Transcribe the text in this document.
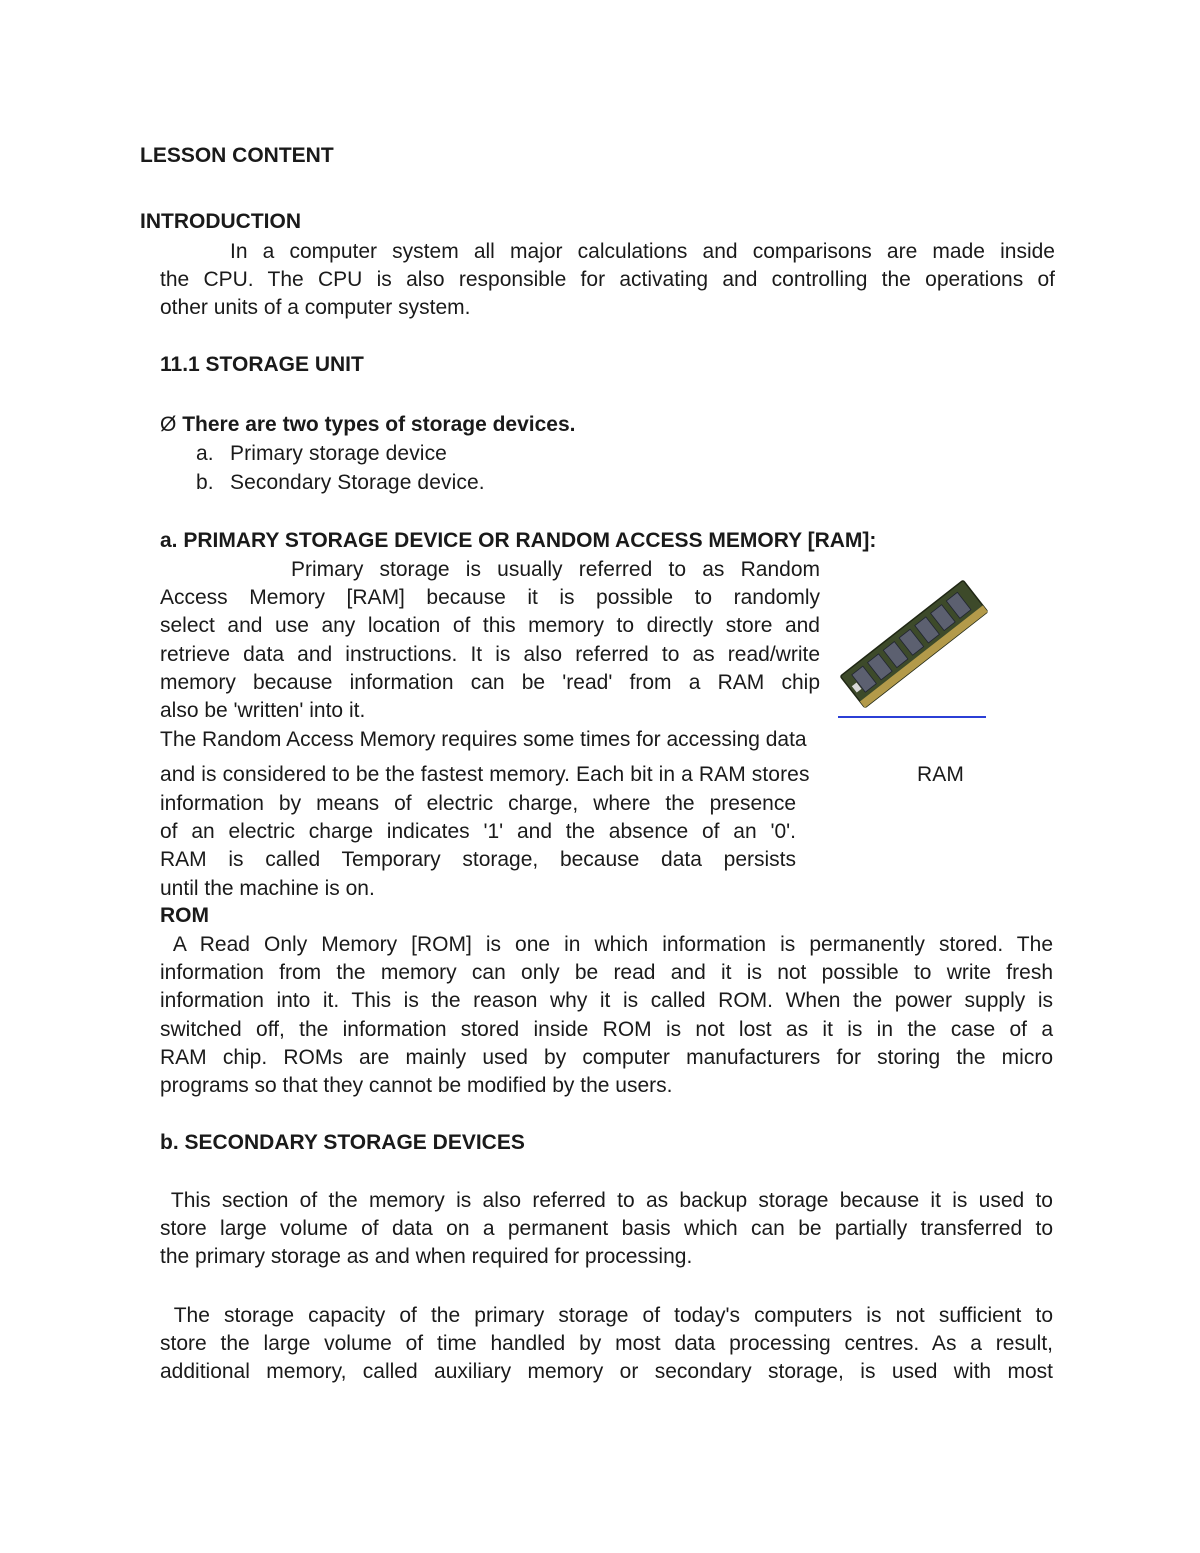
LESSON CONTENT
INTRODUCTION
In a computer system all major calculations and comparisons are made inside
the CPU. The CPU is also responsible for activating and controlling the operations of
other units of a computer system.
11.1 STORAGE UNIT
Ø There are two types of storage devices.
a. Primary storage device
b. Secondary Storage device.
a. PRIMARY STORAGE DEVICE OR RANDOM ACCESS MEMORY [RAM]:
Primary storage is usually referred to as Random
Access Memory [RAM] because it is possible to randomly
select and use any location of this memory to directly store and
retrieve data and instructions. It is also referred to as read/write
memory because information can be 'read' from a RAM chip
also be 'written' into it.
The Random Access Memory requires some times for accessing data
and is considered to be the fastest memory. Each bit in a RAM stores	RAM
information by means of electric charge, where the presence
of an electric charge indicates '1' and the absence of an '0'.
RAM is called Temporary storage, because data persists
until the machine is on.
ROM
A Read Only Memory [ROM] is one in which information is permanently stored. The
information from the memory can only be read and it is not possible to write fresh
information into it. This is the reason why it is called ROM. When the power supply is
switched off, the information stored inside ROM is not lost as it is in the case of a
RAM chip. ROMs are mainly used by computer manufacturers for storing the micro
programs so that they cannot be modified by the users.
b. SECONDARY STORAGE DEVICES
This section of the memory is also referred to as backup storage because it is used to
store large volume of data on a permanent basis which can be partially transferred to
the primary storage as and when required for processing.
The storage capacity of the primary storage of today's computers is not sufficient to
store the large volume of time handled by most data processing centres. As a result,
additional memory, called auxiliary memory or secondary storage, is used with most
